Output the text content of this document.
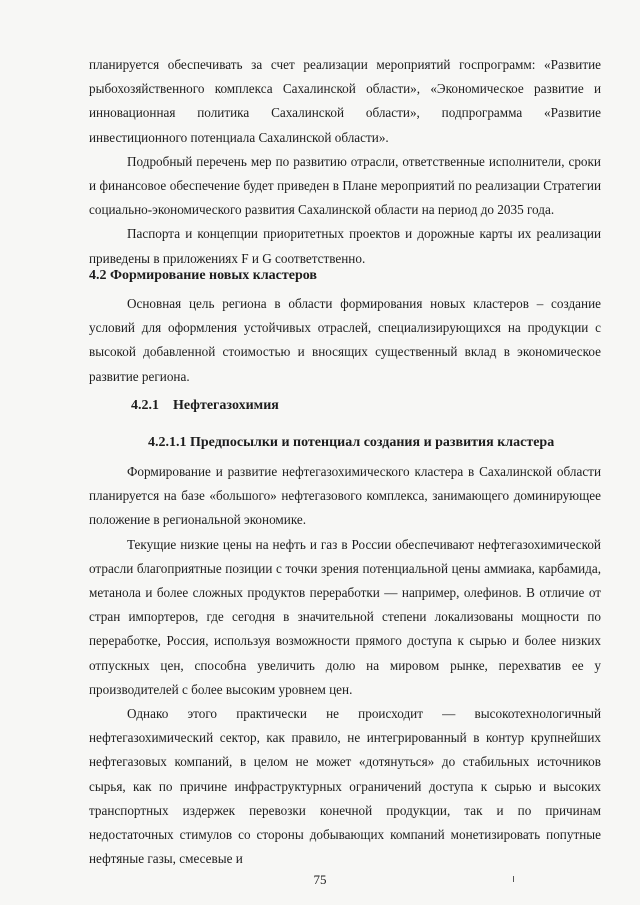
планируется обеспечивать за счет реализации мероприятий госпрограмм: «Развитие рыбохозяйственного комплекса Сахалинской области», «Экономическое развитие и инновационная политика Сахалинской области», подпрограмма «Развитие инвестиционного потенциала Сахалинской области».

Подробный перечень мер по развитию отрасли, ответственные исполнители, сроки и финансовое обеспечение будет приведен в Плане мероприятий по реализации Стратегии социально-экономического развития Сахалинской области на период до 2035 года.

Паспорта и концепции приоритетных проектов и дорожные карты их реализации приведены в приложениях F и G соответственно.

4.2 Формирование новых кластеров

Основная цель региона в области формирования новых кластеров – создание условий для оформления устойчивых отраслей, специализирующихся на продукции с высокой добавленной стоимостью и вносящих существенный вклад в экономическое развитие региона.

4.2.1 Нефтегазохимия

4.2.1.1 Предпосылки и потенциал создания и развития кластера

Формирование и развитие нефтегазохимического кластера в Сахалинской области планируется на базе «большого» нефтегазового комплекса, занимающего доминирующее положение в региональной экономике.

Текущие низкие цены на нефть и газ в России обеспечивают нефтегазохимической отрасли благоприятные позиции с точки зрения потенциальной цены аммиака, карбамида, метанола и более сложных продуктов переработки — например, олефинов. В отличие от стран импортеров, где сегодня в значительной степени локализованы мощности по переработке, Россия, используя возможности прямого доступа к сырью и более низких отпускных цен, способна увеличить долю на мировом рынке, перехватив ее у производителей с более высоким уровнем цен.

Однако этого практически не происходит — высокотехнологичный нефтегазохимический сектор, как правило, не интегрированный в контур крупнейших нефтегазовых компаний, в целом не может «дотянуться» до стабильных источников сырья, как по причине инфраструктурных ограничений доступа к сырью и высоких транспортных издержек перевозки конечной продукции, так и по причинам недостаточных стимулов со стороны добывающих компаний монетизировать попутные нефтяные газы, смесевые и

75
